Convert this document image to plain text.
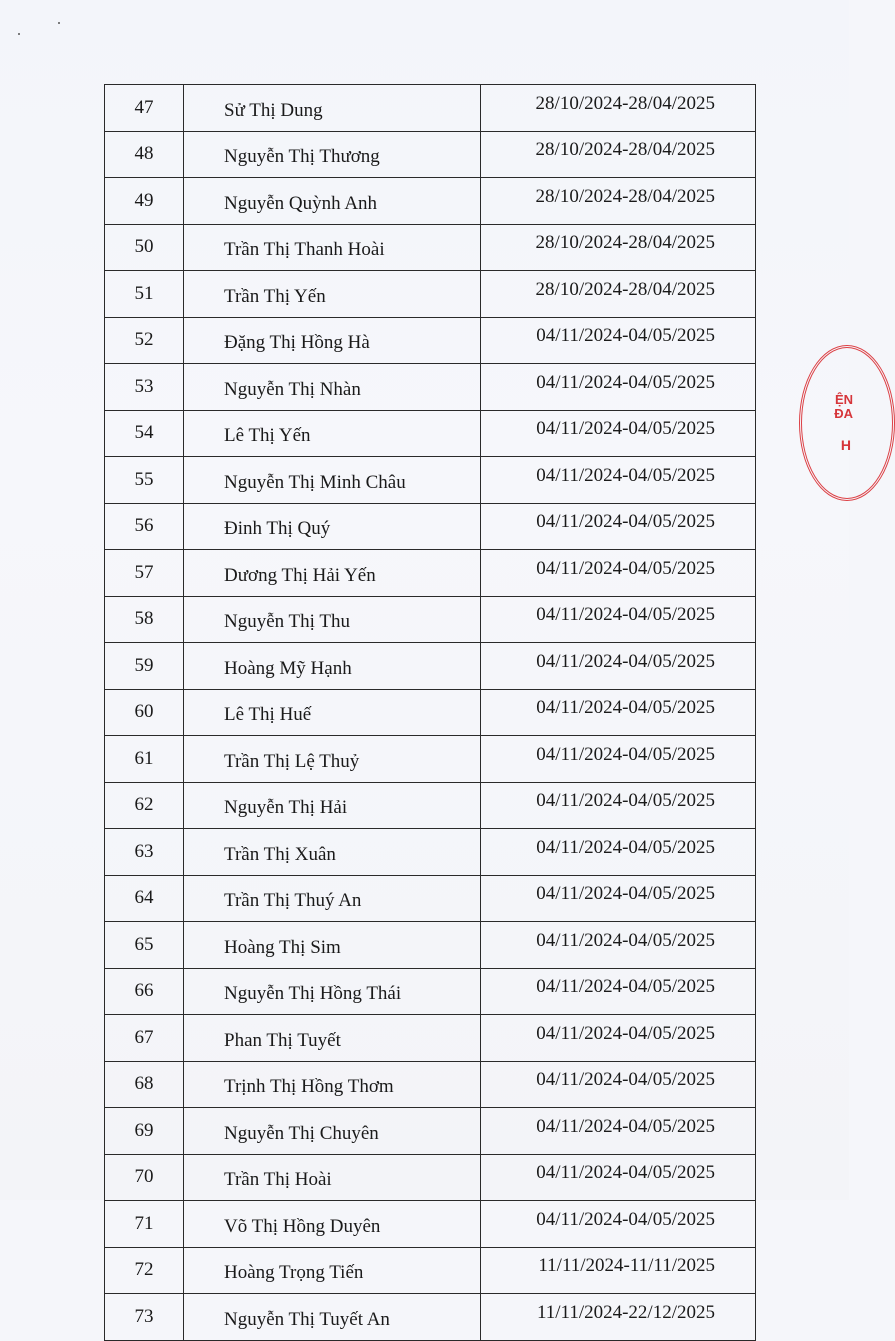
47	Sử Thị Dung	28/10/2024-28/04/2025
48	Nguyễn Thị Thương	28/10/2024-28/04/2025
49	Nguyễn Quỳnh Anh	28/10/2024-28/04/2025
50	Trần Thị Thanh Hoài	28/10/2024-28/04/2025
51	Trần Thị Yến	28/10/2024-28/04/2025
52	Đặng Thị Hồng Hà	04/11/2024-04/05/2025
53	Nguyễn Thị Nhàn	04/11/2024-04/05/2025
54	Lê Thị Yến	04/11/2024-04/05/2025
55	Nguyễn Thị Minh Châu	04/11/2024-04/05/2025
56	Đinh Thị Quý	04/11/2024-04/05/2025
57	Dương Thị Hải Yến	04/11/2024-04/05/2025
58	Nguyễn Thị Thu	04/11/2024-04/05/2025
59	Hoàng Mỹ Hạnh	04/11/2024-04/05/2025
60	Lê Thị Huế	04/11/2024-04/05/2025
61	Trần Thị Lệ Thuỷ	04/11/2024-04/05/2025
62	Nguyễn Thị Hải	04/11/2024-04/05/2025
63	Trần Thị Xuân	04/11/2024-04/05/2025
64	Trần Thị Thuý An	04/11/2024-04/05/2025
65	Hoàng Thị Sim	04/11/2024-04/05/2025
66	Nguyễn Thị Hồng Thái	04/11/2024-04/05/2025
67	Phan Thị Tuyết	04/11/2024-04/05/2025
68	Trịnh Thị Hồng Thơm	04/11/2024-04/05/2025
69	Nguyễn Thị Chuyên	04/11/2024-04/05/2025
70	Trần Thị Hoài	04/11/2024-04/05/2025
71	Võ Thị Hồng Duyên	04/11/2024-04/05/2025
72	Hoàng Trọng Tiến	11/11/2024-11/11/2025
73	Nguyễn Thị Tuyết An	11/11/2024-22/12/2025
ỆN
ĐA
H
